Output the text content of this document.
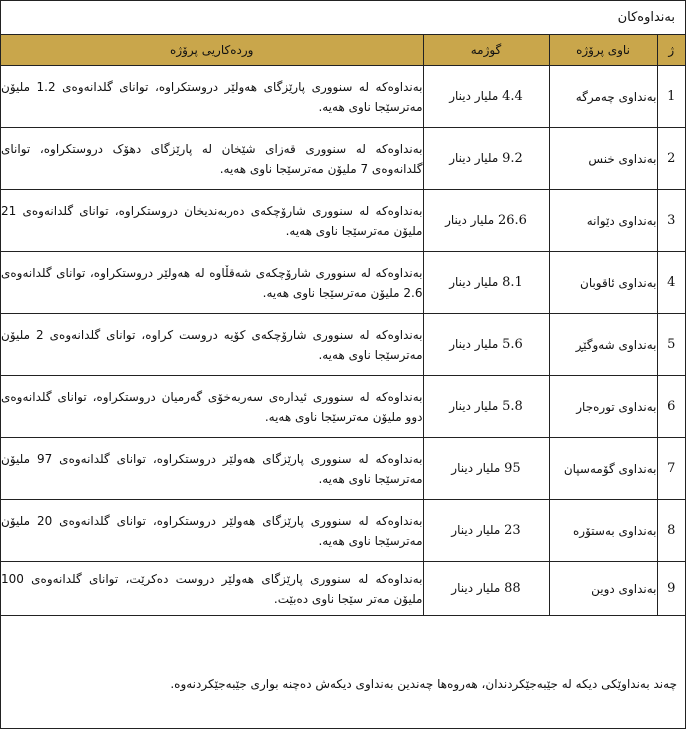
بەنداوەکان
ژ	ناوی پرۆژە	گوژمە	وردەکاریی پرۆژە
1	بەنداوی چەمرگە	4.4 ملیار دینار	بەنداوەکە لە سنووری پارێزگای هەولێر دروستکراوە، توانای گلدانەوەی 1.2 ملیۆن مەترسێجا ناوی هەیە.
2	بەنداوی خنس	9.2 ملیار دینار	بەنداوەکە لە سنووری قەزای شێخان لە پارێزگای دهۆک دروستکراوە، توانای گلدانەوەی 7 ملیۆن مەترسێجا ناوی هەیە.
3	بەنداوی دێوانە	26.6 ملیار دینار	بەنداوەکە لە سنووری شارۆچکەی دەربەندیخان دروستکراوە، توانای گلدانەوەی 21 ملیۆن مەترسێجا ناوی هەیە.
4	بەنداوی ئاقوبان	8.1 ملیار دینار	بەنداوەکە لە سنووری شارۆچکەی شەقڵاوە لە هەولێر دروستکراوە، توانای گلدانەوەی 2.6 ملیۆن مەترسێجا ناوی هەیە.
5	بەنداوی شەوگێڕ	5.6 ملیار دینار	بەنداوەکە لە سنووری شارۆچکەی کۆیە دروست کراوە، توانای گلدانەوەی 2 ملیۆن مەترسێجا ناوی هەیە.
6	بەنداوی تورەجار	5.8 ملیار دینار	بەنداوەکە لە سنووری ئیدارەی سەربەخۆی گەرمیان دروستکراوە، توانای گلدانەوەی دوو ملیۆن مەترسێجا ناوی هەیە.
7	بەنداوی گۆمەسپان	95 ملیار دینار	بەنداوەکە لە سنووری پارێزگای هەولێر دروستکراوە، توانای گلدانەوەی 97 ملیۆن مەترسێجا ناوی هەیە.
8	بەنداوی بەستۆرە	23 ملیار دینار	بەنداوەکە لە سنووری پارێزگای هەولێر دروستکراوە، توانای گلدانەوەی 20 ملیۆن مەترسێجا ناوی هەیە.
9	بەنداوی دوین	88 ملیار دینار	بەنداوەکە لە سنووری پارێزگای هەولێر دروست دەکرێت، توانای گلدانەوەی 100 ملیۆن مەتر سێجا ناوی دەبێت.
چەند بەنداوێکی دیکە لە جێبەجێکردندان، هەروەها چەندین بەنداوی دیکەش دەچنە بواری جێبەجێکردنەوە.
